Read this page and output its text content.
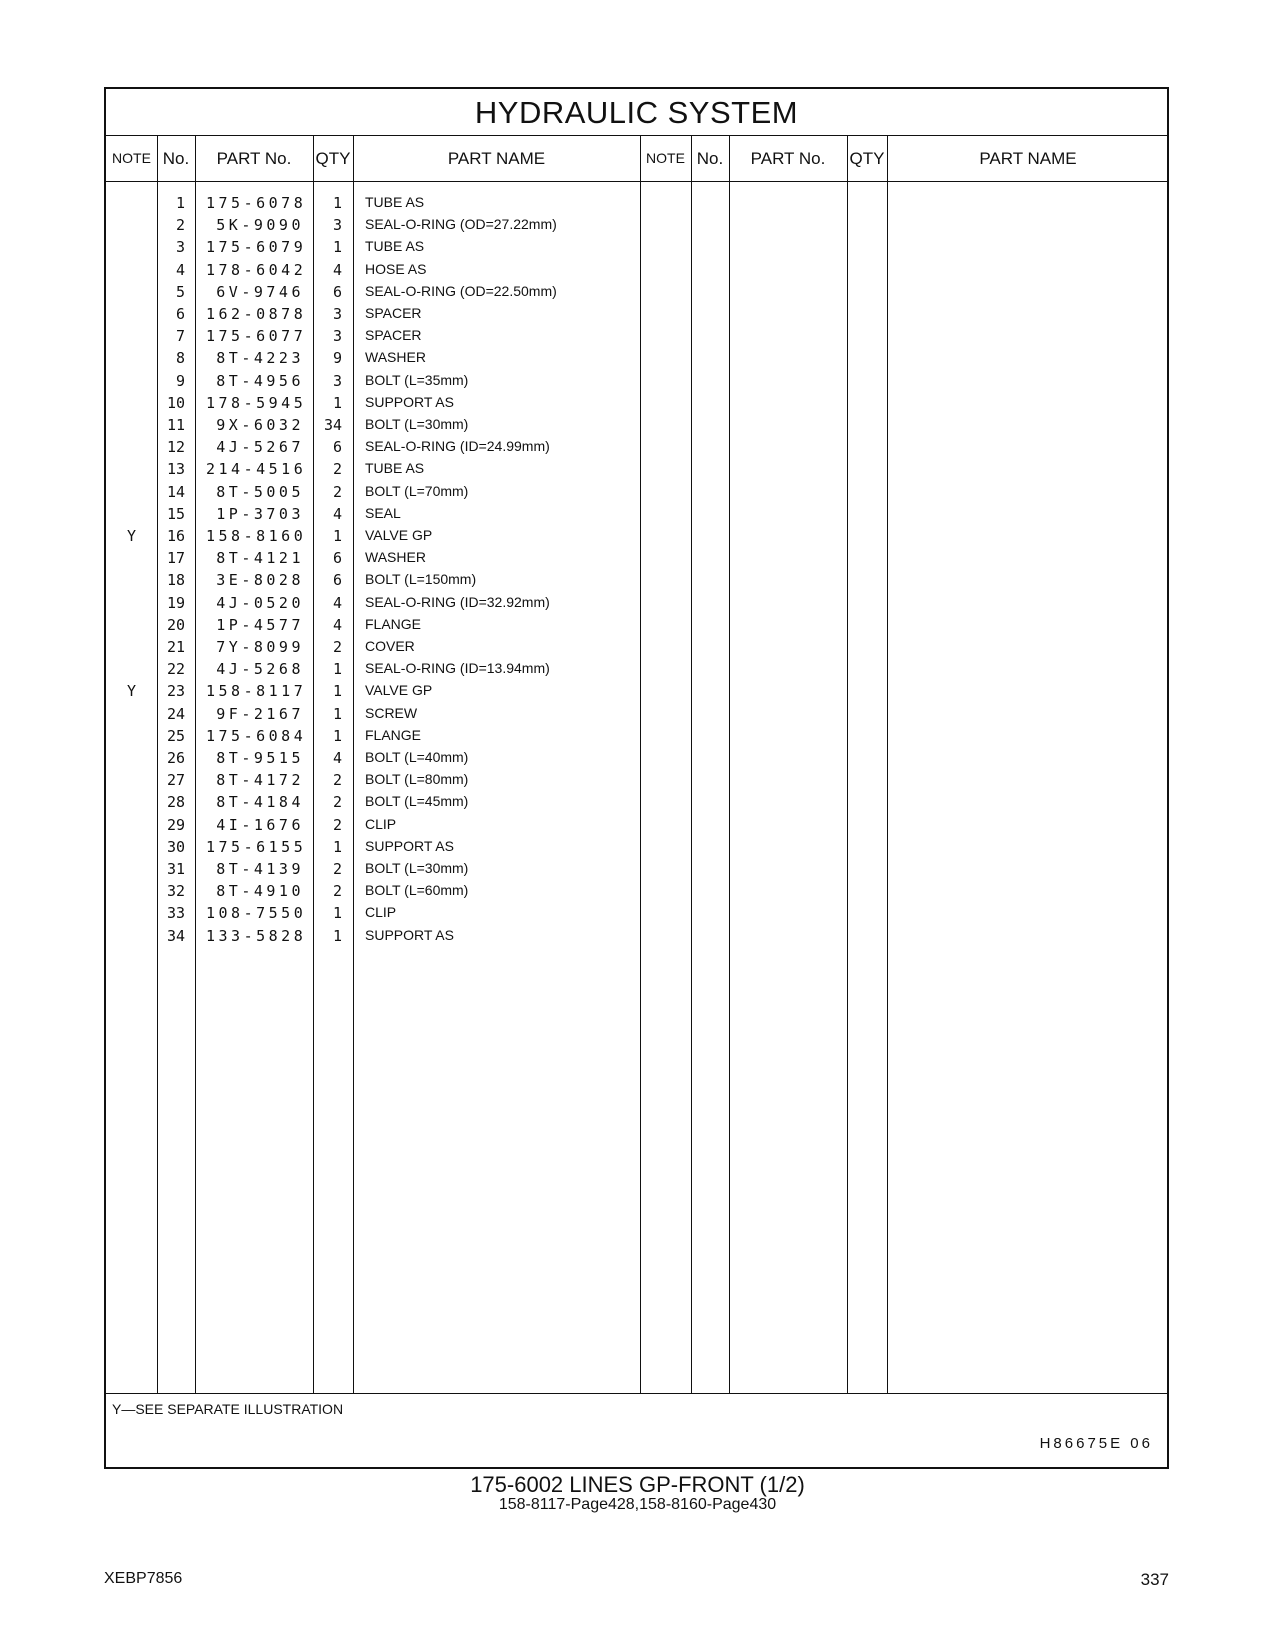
HYDRAULIC SYSTEM
NOTE No.	PART No.	QTY	PART NAME	NOTE No.	PART No.	QTY	PART NAME
1 175-6078	1 TUBE AS
2	5K-9090	3 SEAL-O-RING (OD=27.22mm)
3 175-6079	1 TUBE AS
4 178-6042	4 HOSE AS
5	6V-9746	6 SEAL-O-RING (OD=22.50mm)
6 162-0878	3 SPACER
7 175-6077	3 SPACER
8	8T-4223	9 WASHER
9	8T-4956	3 BOLT (L=35mm)
10 178-5945	1 SUPPORT AS
11	9X-6032	34 BOLT (L=30mm)
12	4J-5267	6 SEAL-O-RING (ID=24.99mm)
13 214-4516	2 TUBE AS
14	8T-5005	2 BOLT (L=70mm)
15	1P-3703	4 SEAL
Y	16 158-8160	1 VALVE GP
17	8T-4121	6 WASHER
18	3E-8028	6 BOLT (L=150mm)
19	4J-0520	4 SEAL-O-RING (ID=32.92mm)
20	1P-4577	4 FLANGE
21	7Y-8099	2 COVER
22	4J-5268	1 SEAL-O-RING (ID=13.94mm)
Y	23 158-8117	1 VALVE GP
24	9F-2167	1 SCREW
25 175-6084	1 FLANGE
26	8T-9515	4 BOLT (L=40mm)
27	8T-4172	2 BOLT (L=80mm)
28	8T-4184	2 BOLT (L=45mm)
29	4I-1676	2 CLIP
30 175-6155	1 SUPPORT AS
31	8T-4139	2 BOLT (L=30mm)
32	8T-4910	2 BOLT (L=60mm)
33 108-7550	1 CLIP
34 133-5828	1 SUPPORT AS
Y—SEE SEPARATE ILLUSTRATION
H86675E 06
175-6002 LINES GP-FRONT (1/2)
158-8117-Page428,158-8160-Page430
XEBP7856	337
